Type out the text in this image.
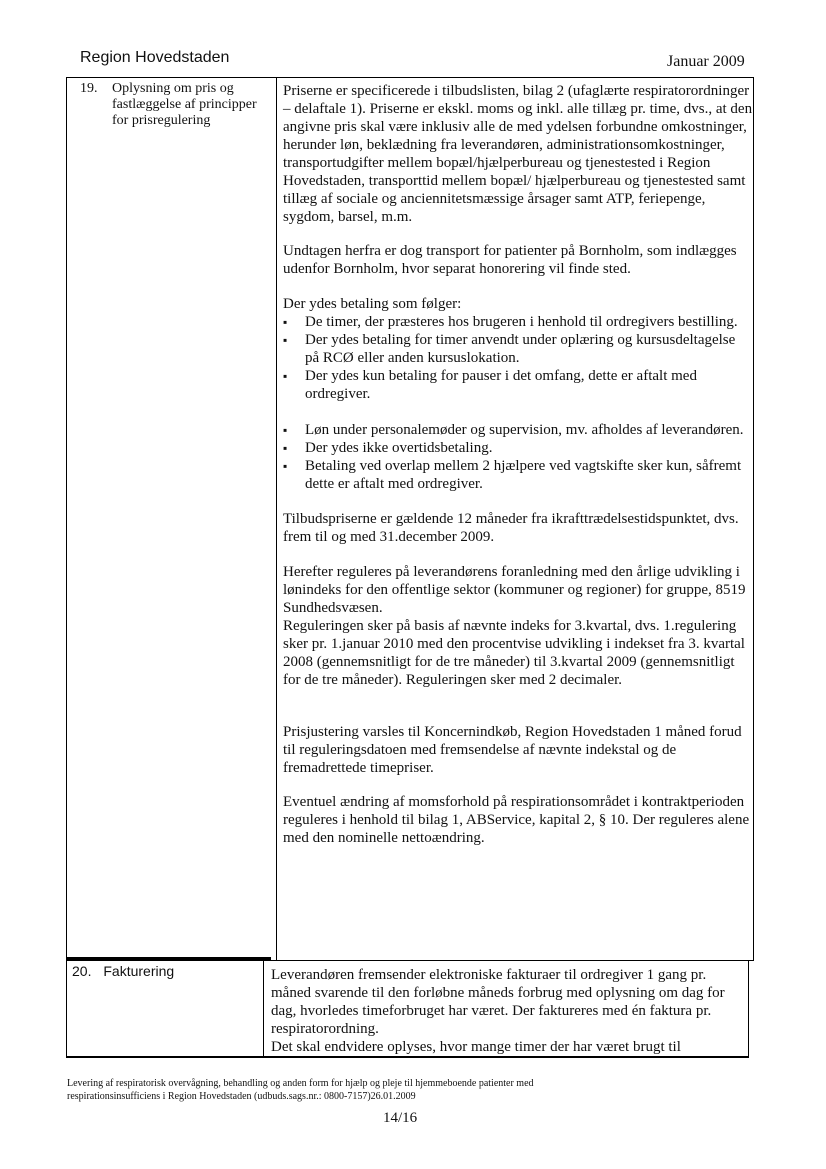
Region Hovedstaden	Januar 2009
19. Oplysning om pris og
fastlæggelse af principper
for prisregulering

Priserne er specificerede i tilbudslisten, bilag 2 (ufaglærte respiratorordninger – delaftale 1). Priserne er ekskl. moms og inkl. alle tillæg pr. time, dvs., at den angivne pris skal være inklusiv alle de med ydelsen forbundne omkostninger, herunder løn, beklædning fra leverandøren, administrationsomkostninger, transportudgifter mellem bopæl/hjælperbureau og tjenestested i Region Hovedstaden, transporttid mellem bopæl/ hjælperbureau og tjenestested samt tillæg af sociale og anciennitetsmæssige årsager samt ATP, feriepenge, sygdom, barsel, m.m.

Undtagen herfra er dog transport for patienter på Bornholm, som indlægges udenfor Bornholm, hvor separat honorering vil finde sted.

Der ydes betaling som følger:

▪ De timer, der præsteres hos brugeren i henhold til ordregivers bestilling.
▪ Der ydes betaling for timer anvendt under oplæring og kursusdeltagelse på RCØ eller anden kursuslokation.
▪ Der ydes kun betaling for pauser i det omfang, dette er aftalt med ordregiver.
▪ Løn under personalemøder og supervision, mv. afholdes af leverandøren.
▪ Der ydes ikke overtidsbetaling.
▪ Betaling ved overlap mellem 2 hjælpere ved vagtskifte sker kun, såfremt dette er aftalt med ordregiver.

Tilbudspriserne er gældende 12 måneder fra ikrafttrædelsestidspunktet, dvs. frem til og med 31.december 2009.

Herefter reguleres på leverandørens foranledning med den årlige udvikling i lønindeks for den offentlige sektor (kommuner og regioner) for gruppe, 8519 Sundhedsvæsen.

Reguleringen sker på basis af nævnte indeks for 3.kvartal, dvs. 1.regulering sker pr. 1.januar 2010 med den procentvise udvikling i indekset fra 3. kvartal 2008 (gennemsnitligt for de tre måneder) til 3.kvartal 2009 (gennemsnitligt for de tre måneder). Reguleringen sker med 2 decimaler.

Prisjustering varsles til Koncernindkøb, Region Hovedstaden 1 måned forud til reguleringsdatoen med fremsendelse af nævnte indekstal og de fremadrettede timepriser.

Eventuel ændring af momsforhold på respirationsområdet i kontraktperioden reguleres i henhold til bilag 1, ABService, kapital 2, § 10. Der reguleres alene med den nominelle nettoændring.

20. Fakturering	Leverandøren fremsender elektroniske fakturaer til ordregiver 1 gang pr. måned svarende til den forløbne måneds forbrug med oplysning om dag for dag, hvorledes timeforbruget har været. Der faktureres med én faktura pr. respiratorordning.

Det skal endvidere oplyses, hvor mange timer der har været brugt til

Levering af respiratorisk overvågning, behandling og anden form for hjælp og pleje til hjemmeboende patienter med
respirationsinsufficiens i Region Hovedstaden (udbuds.sags.nr.: 0800-7157)26.01.2009
14/16
